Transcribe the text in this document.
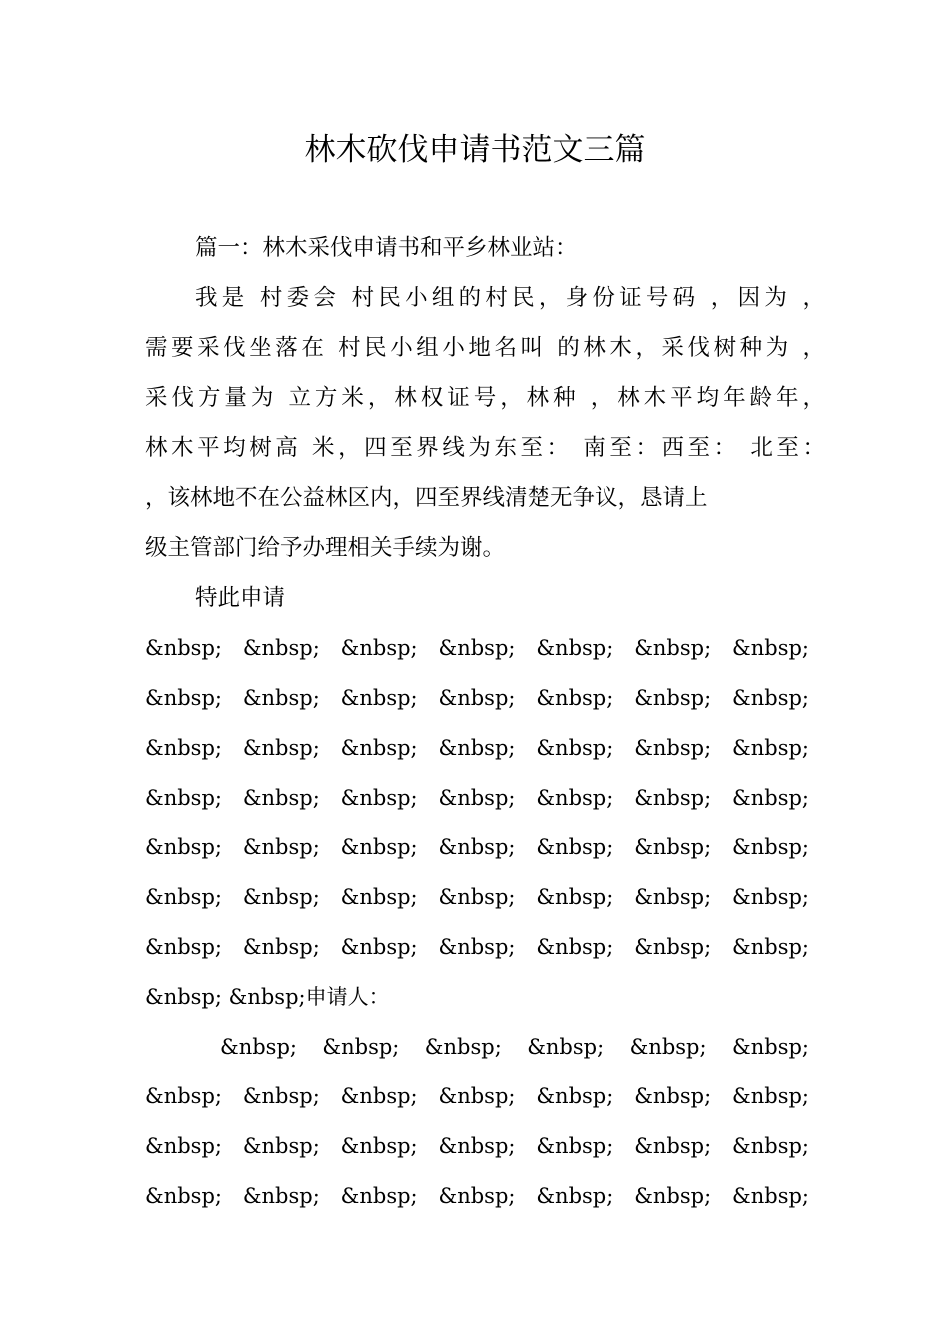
林木砍伐申请书范文三篇
篇一：林木采伐申请书和平乡林业站：
我是 村委会 村民小组的村民，身份证号码 ，因为 ，
需要采伐坐落在 村民小组小地名叫 的林木，采伐树种为 ，
采伐方量为 立方米，林权证号，林种 ，林木平均年龄年，
林木平均树高 米，四至界线为东至： 南至：西至： 北至：
，该林地不在公益林区内，四至界线清楚无争议，恳请上
级主管部门给予办理相关手续为谢。
特此申请
&nbsp; &nbsp; &nbsp; &nbsp; &nbsp; &nbsp; &nbsp;
&nbsp; &nbsp; &nbsp; &nbsp; &nbsp; &nbsp; &nbsp;
&nbsp; &nbsp; &nbsp; &nbsp; &nbsp; &nbsp; &nbsp;
&nbsp; &nbsp; &nbsp; &nbsp; &nbsp; &nbsp; &nbsp;
&nbsp; &nbsp; &nbsp; &nbsp; &nbsp; &nbsp; &nbsp;
&nbsp; &nbsp; &nbsp; &nbsp; &nbsp; &nbsp; &nbsp;
&nbsp; &nbsp; &nbsp; &nbsp; &nbsp; &nbsp; &nbsp;
&nbsp; &nbsp;申请人：
&nbsp; &nbsp; &nbsp; &nbsp; &nbsp; &nbsp;
&nbsp; &nbsp; &nbsp; &nbsp; &nbsp; &nbsp; &nbsp;
&nbsp; &nbsp; &nbsp; &nbsp; &nbsp; &nbsp; &nbsp;
&nbsp; &nbsp; &nbsp; &nbsp; &nbsp; &nbsp; &nbsp;
